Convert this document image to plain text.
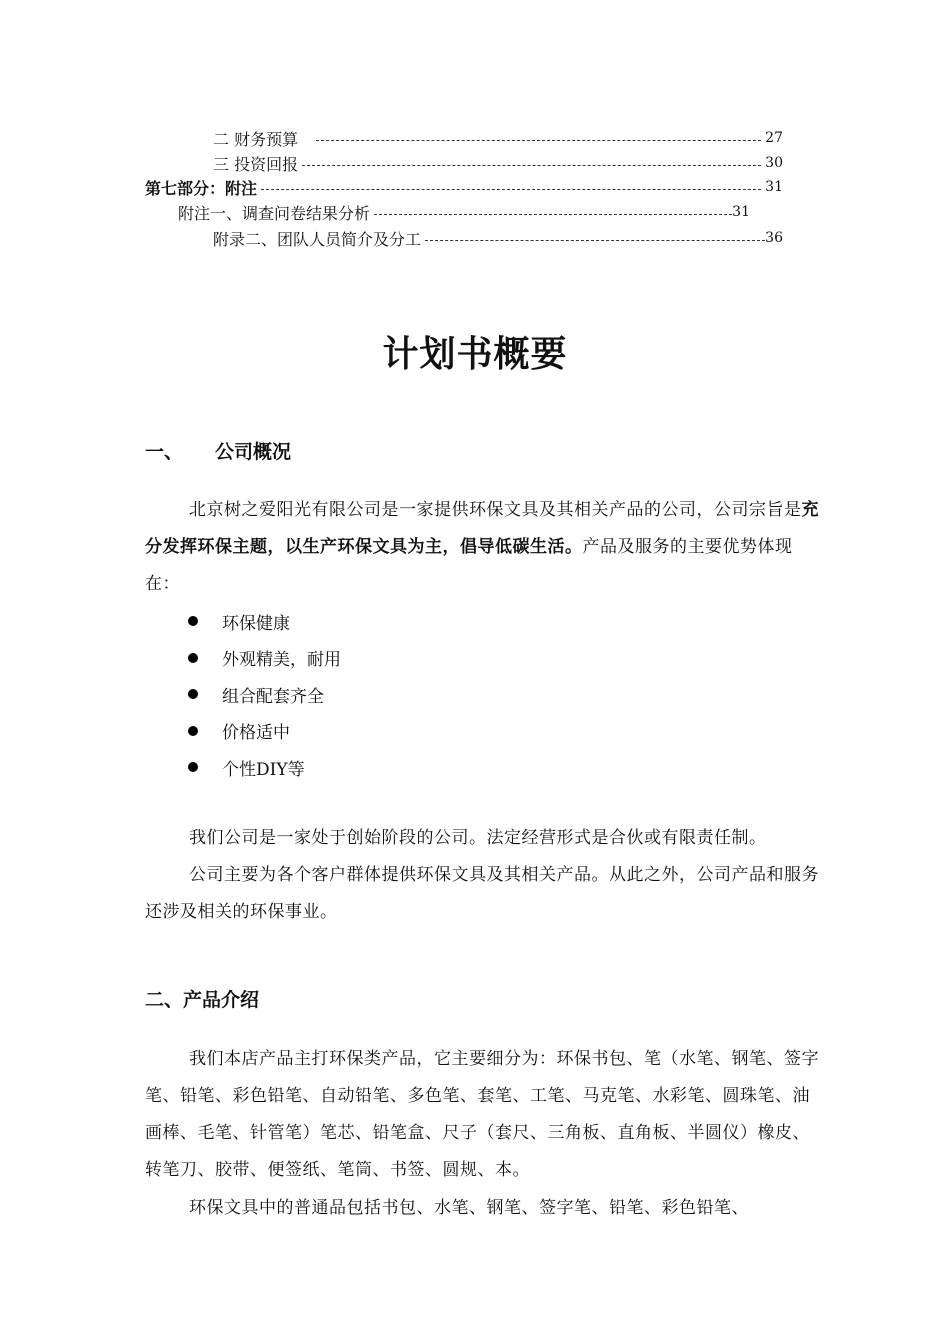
二 财务预算	27
三 投资回报	30
第七部分：附注	31
附注一、调查问卷结果分析	31
附录二、团队人员简介及分工	36
计划书概要
一、 公司概况
北京树之爱阳光有限公司是一家提供环保文具及其相关产品的公司，公司宗旨是充分发挥环保主题，以生产环保文具为主，倡导低碳生活。产品及服务的主要优势体现在：
环保健康
外观精美，耐用
组合配套齐全
价格适中
个性DIY等
我们公司是一家处于创始阶段的公司。法定经营形式是合伙或有限责任制。
公司主要为各个客户群体提供环保文具及其相关产品。从此之外，公司产品和服务还涉及相关的环保事业。
二、产品介绍
我们本店产品主打环保类产品，它主要细分为：环保书包、笔（水笔、钢笔、签字笔、铅笔、彩色铅笔、自动铅笔、多色笔、套笔、工笔、马克笔、水彩笔、圆珠笔、油画棒、毛笔、针管笔）笔芯、铅笔盒、尺子（套尺、三角板、直角板、半圆仪）橡皮、转笔刀、胶带、便签纸、笔筒、书签、圆规、本。
环保文具中的普通品包括书包、水笔、钢笔、签字笔、铅笔、彩色铅笔、
